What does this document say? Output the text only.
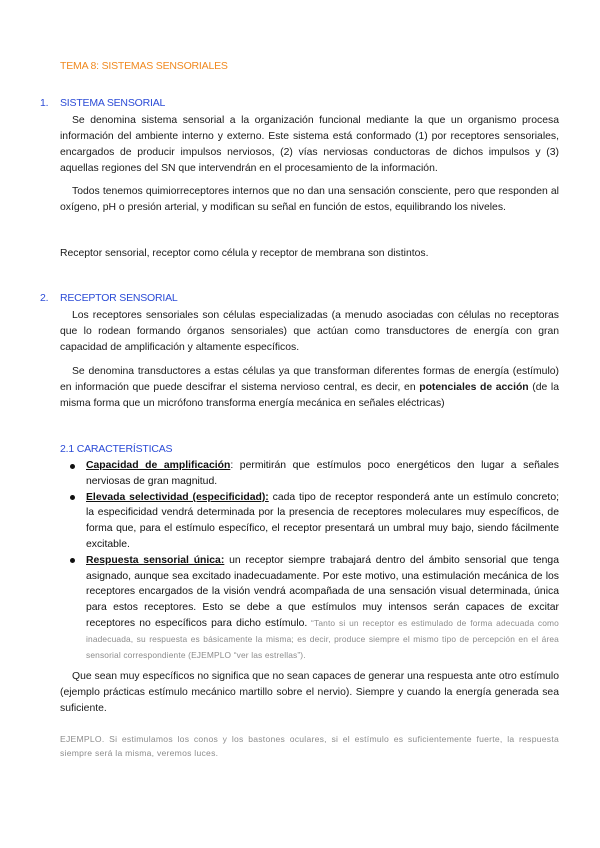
TEMA 8: SISTEMAS SENSORIALES
1. SISTEMA SENSORIAL

Se denomina sistema sensorial a la organización funcional mediante la que un organismo procesa información del ambiente interno y externo. Este sistema está conformado (1) por receptores sensoriales, encargados de producir impulsos nerviosos, (2) vías nerviosas conductoras de dichos impulsos y (3) aquellas regiones del SN que intervendrán en el procesamiento de la información.

Todos tenemos quimiorreceptores internos que no dan una sensación consciente, pero que responden al oxígeno, pH o presión arterial, y modifican su señal en función de estos, equilibrando los niveles.

Receptor sensorial, receptor como célula y receptor de membrana son distintos.

2. RECEPTOR SENSORIAL

Los receptores sensoriales son células especializadas (a menudo asociadas con células no receptoras que lo rodean formando órganos sensoriales) que actúan como transductores de energía con gran capacidad de amplificación y altamente específicos.

Se denomina transductores a estas células ya que transforman diferentes formas de energía (estímulo) en información que puede descifrar el sistema nervioso central, es decir, en potenciales de acción (de la misma forma que un micrófono transforma energía mecánica en señales eléctricas)

2.1 CARACTERÍSTICAS

Capacidad de amplificación: permitirán que estímulos poco energéticos den lugar a señales nerviosas de gran magnitud.

Elevada selectividad (especificidad): cada tipo de receptor responderá ante un estímulo concreto; la especificidad vendrá determinada por la presencia de receptores moleculares muy específicos, de forma que, para el estímulo específico, el receptor presentará un umbral muy bajo, siendo fácilmente excitable.

Respuesta sensorial única: un receptor siempre trabajará dentro del ámbito sensorial que tenga asignado, aunque sea excitado inadecuadamente. Por este motivo, una estimulación mecánica de los receptores encargados de la visión vendrá acompañada de una sensación visual determinada, única para estos receptores. Esto se debe a que estímulos muy intensos serán capaces de excitar receptores no específicos para dicho estímulo. “Tanto si un receptor es estimulado de forma adecuada como inadecuada, su respuesta es básicamente la misma; es decir, produce siempre el mismo tipo de percepción en el área sensorial correspondiente (EJEMPLO “ver las estrellas”).

Que sean muy específicos no significa que no sean capaces de generar una respuesta ante otro estímulo (ejemplo prácticas estímulo mecánico martillo sobre el nervio). Siempre y cuando la energía generada sea suficiente.

EJEMPLO. Si estimulamos los conos y los bastones oculares, si el estímulo es suficientemente fuerte, la respuesta siempre será la misma, veremos luces.
